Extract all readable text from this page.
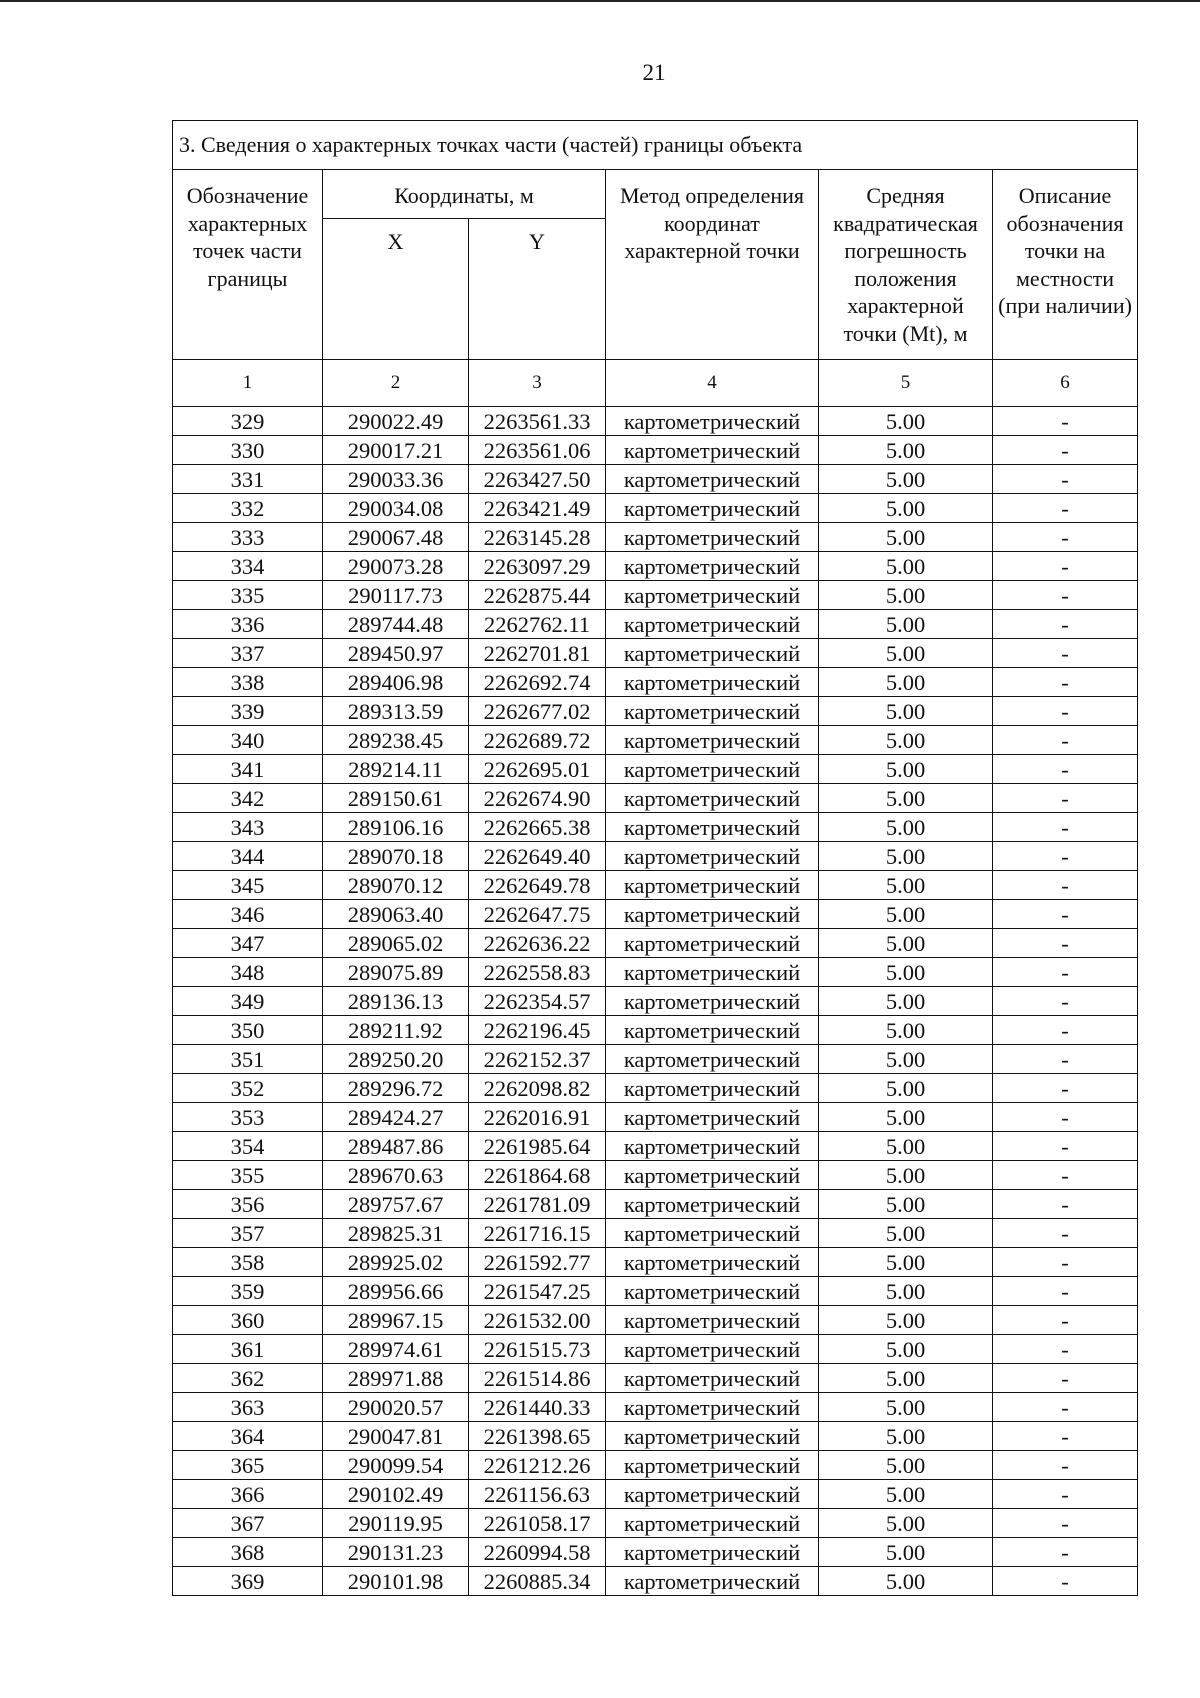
21
3. Сведения о характерных точках части (частей) границы объекта					
Обозначение характерных точек части границы	Координаты, м		Метод определения координат характерной точки	Средняя квадратическая погрешность положения характерной точки (Mt), м	Описание обозначения точки на местности (при наличии)
	X	Y			
1	2	3	4	5	6
329	290022.49	2263561.33	картометрический	5.00	-
330	290017.21	2263561.06	картометрический	5.00	-
331	290033.36	2263427.50	картометрический	5.00	-
332	290034.08	2263421.49	картометрический	5.00	-
333	290067.48	2263145.28	картометрический	5.00	-
334	290073.28	2263097.29	картометрический	5.00	-
335	290117.73	2262875.44	картометрический	5.00	-
336	289744.48	2262762.11	картометрический	5.00	-
337	289450.97	2262701.81	картометрический	5.00	-
338	289406.98	2262692.74	картометрический	5.00	-
339	289313.59	2262677.02	картометрический	5.00	-
340	289238.45	2262689.72	картометрический	5.00	-
341	289214.11	2262695.01	картометрический	5.00	-
342	289150.61	2262674.90	картометрический	5.00	-
343	289106.16	2262665.38	картометрический	5.00	-
344	289070.18	2262649.40	картометрический	5.00	-
345	289070.12	2262649.78	картометрический	5.00	-
346	289063.40	2262647.75	картометрический	5.00	-
347	289065.02	2262636.22	картометрический	5.00	-
348	289075.89	2262558.83	картометрический	5.00	-
349	289136.13	2262354.57	картометрический	5.00	-
350	289211.92	2262196.45	картометрический	5.00	-
351	289250.20	2262152.37	картометрический	5.00	-
352	289296.72	2262098.82	картометрический	5.00	-
353	289424.27	2262016.91	картометрический	5.00	-
354	289487.86	2261985.64	картометрический	5.00	-
355	289670.63	2261864.68	картометрический	5.00	-
356	289757.67	2261781.09	картометрический	5.00	-
357	289825.31	2261716.15	картометрический	5.00	-
358	289925.02	2261592.77	картометрический	5.00	-
359	289956.66	2261547.25	картометрический	5.00	-
360	289967.15	2261532.00	картометрический	5.00	-
361	289974.61	2261515.73	картометрический	5.00	-
362	289971.88	2261514.86	картометрический	5.00	-
363	290020.57	2261440.33	картометрический	5.00	-
364	290047.81	2261398.65	картометрический	5.00	-
365	290099.54	2261212.26	картометрический	5.00	-
366	290102.49	2261156.63	картометрический	5.00	-
367	290119.95	2261058.17	картометрический	5.00	-
368	290131.23	2260994.58	картометрический	5.00	-
369	290101.98	2260885.34	картометрический	5.00	-
